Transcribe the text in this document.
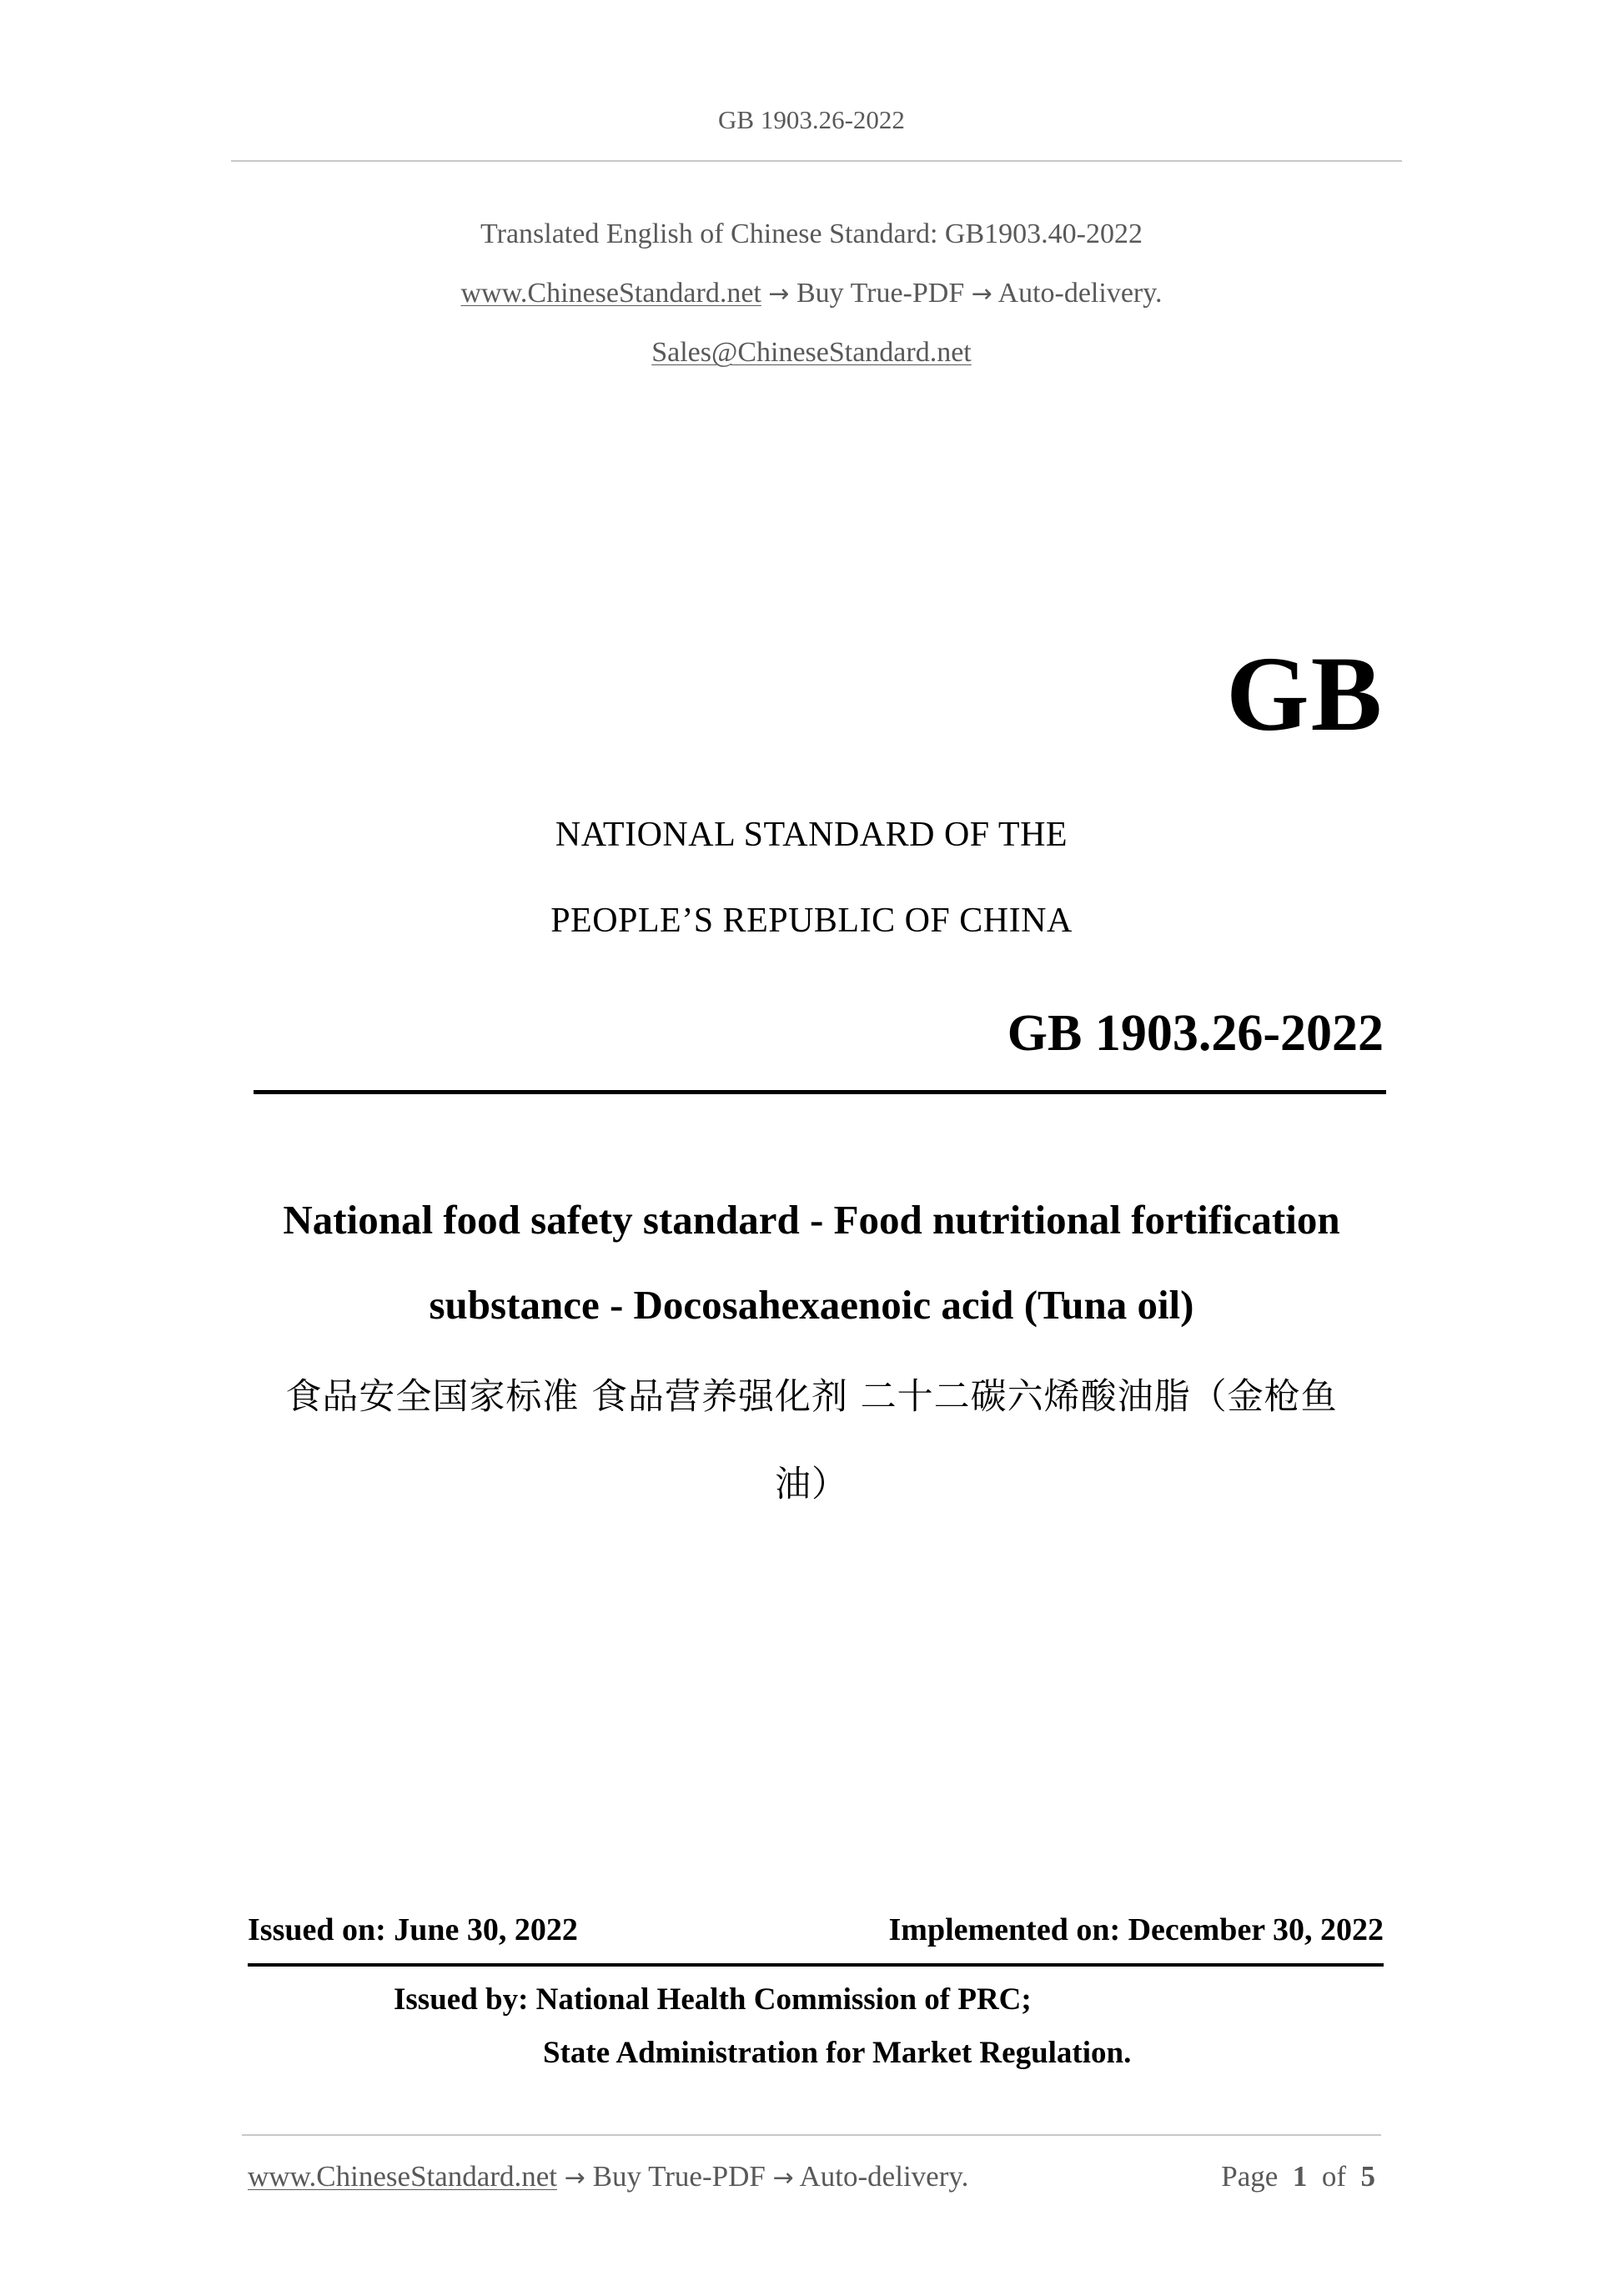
GB 1903.26-2022
Translated English of Chinese Standard: GB1903.40-2022
www.ChineseStandard.net → Buy True-PDF → Auto-delivery.
Sales@ChineseStandard.net
GB
NATIONAL STANDARD OF THE
PEOPLE’S REPUBLIC OF CHINA
GB 1903.26-2022
National food safety standard - Food nutritional fortification
substance - Docosahexaenoic acid (Tuna oil)
食品安全国家标准 食品营养强化剂 二十二碳六烯酸油脂（金枪鱼
油）
Issued on: June 30, 2022	Implemented on: December 30, 2022
Issued by: National Health Commission of PRC;
State Administration for Market Regulation.
www.ChineseStandard.net → Buy True-PDF → Auto-delivery.	Page 1 of 5
